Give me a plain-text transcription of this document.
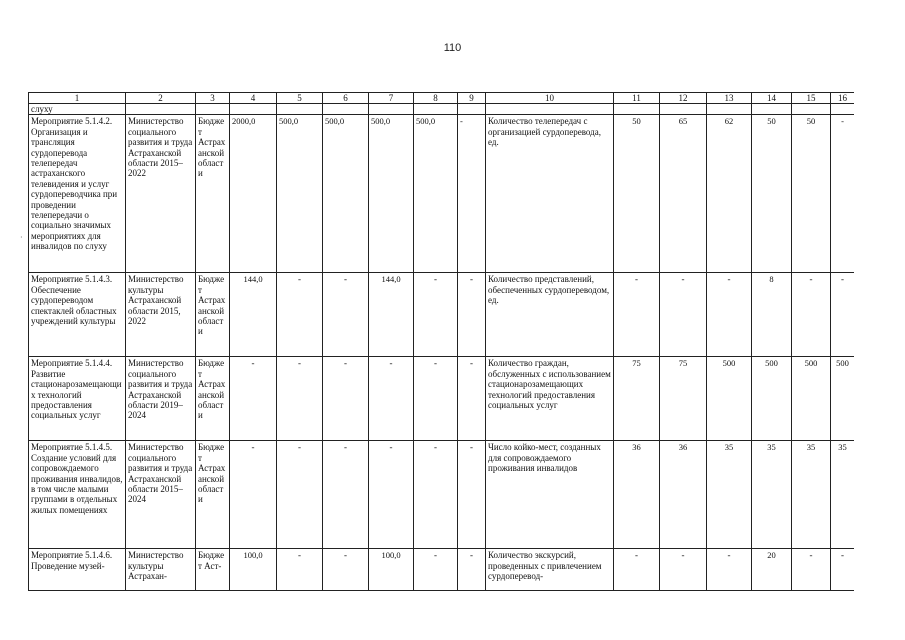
110
·
1	2	3	4	5	6	7	8	9	10	11	12	13	14	15	16
слуху															
Мероприятие 5.1.4.2. Организация и трансляция сурдоперевода телепередач астраханского телевидения и услуг сурдопереводчика при проведении телепередачи о социально значимых мероприятиях для инвалидов по слуху	Министерство социального развития и труда Астраханской области 2015–2022	Бюджет Астраханской области	2000,0	500,0	500,0	500,0	500,0	-	Количество телепередач с организацией сурдоперевода, ед.	50	65	62	50	50	-
Мероприятие 5.1.4.3. Обеспечение сурдопереводом спектаклей областных учреждений культуры	Министерство культуры Астраханской области 2015, 2022	Бюджет Астраханской области	144,0	-	-	144,0	-	-	Количество представлений, обеспеченных сурдопереводом, ед.	-	-	-	8	-	-
Мероприятие 5.1.4.4. Развитие стационарозамещающих технологий предоставления социальных услуг	Министерство социального развития и труда Астраханской области 2019–2024	Бюджет Астраханской области	-	-	-	-	-	-	Количество граждан, обслуженных с использованием стационарозамещающих технологий предоставления социальных услуг	75	75	500	500	500	500
Мероприятие 5.1.4.5. Создание условий для сопровождаемого проживания инвалидов, в том числе малыми группами в отдельных жилых помещениях	Министерство социального развития и труда Астраханской области 2015–2024	Бюджет Астраханской области	-	-	-	-	-	-	Число койко-мест, созданных для сопровождаемого проживания инвалидов	36	36	35	35	35	35
Мероприятие 5.1.4.6. Проведение музей-	Министерство культуры Астрахан-	Бюджет Аст-	100,0	-	-	100,0	-	-	Количество экскурсий, проведенных с привлечением сурдоперевод-	-	-	-	20	-	-
